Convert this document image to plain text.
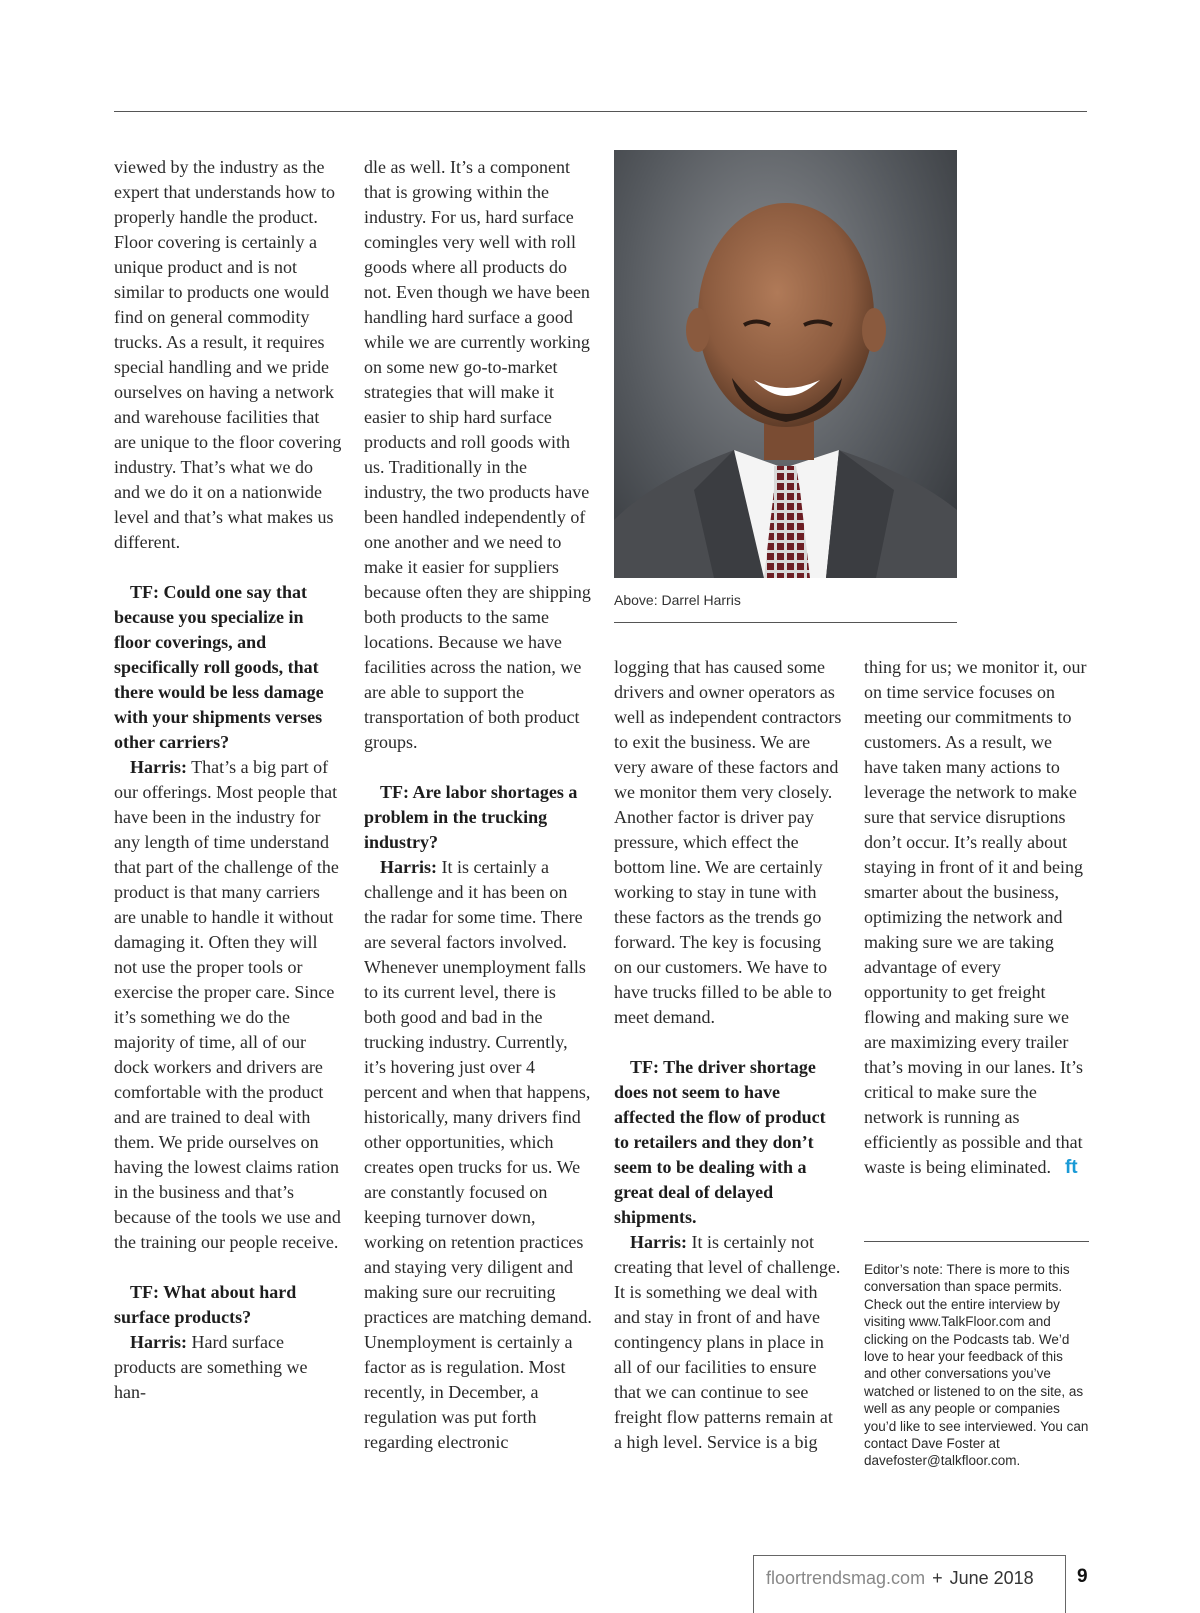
viewed by the industry as the expert that understands how to properly handle the product. Floor covering is certainly a unique product and is not similar to products one would find on general commodity trucks. As a result, it requires special handling and we pride ourselves on having a network and warehouse facilities that are unique to the floor covering industry. That’s what we do and we do it on a nationwide level and that’s what makes us different.

TF: Could one say that because you specialize in floor coverings, and specifically roll goods, that there would be less damage with your shipments verses other carriers?

Harris: That’s a big part of our offerings. Most people that have been in the industry for any length of time understand that part of the challenge of the product is that many carriers are unable to handle it without damaging it. Often they will not use the proper tools or exercise the proper care. Since it’s something we do the majority of time, all of our dock workers and drivers are comfortable with the product and are trained to deal with them. We pride ourselves on having the lowest claims ration in the business and that’s because of the tools we use and the training our people receive.

TF: What about hard surface products?

Harris: Hard surface products are something we han-

dle as well. It’s a component that is growing within the industry. For us, hard surface comingles very well with roll goods where all products do not. Even though we have been handling hard surface a good while we are currently working on some new go-to-market strategies that will make it easier to ship hard surface products and roll goods with us. Traditionally in the industry, the two products have been handled independently of one another and we need to make it easier for suppliers because often they are shipping both products to the same locations. Because we have facilities across the nation, we are able to support the transportation of both product groups.

TF: Are labor shortages a problem in the trucking industry?

Harris: It is certainly a challenge and it has been on the radar for some time. There are several factors involved. Whenever unemployment falls to its current level, there is both good and bad in the trucking industry. Currently, it’s hovering just over 4 percent and when that happens, historically, many drivers find other opportunities, which creates open trucks for us. We are constantly focused on keeping turnover down, working on retention practices and staying very diligent and making sure our recruiting practices are matching demand. Unemployment is certainly a factor as is regulation. Most recently, in December, a regulation was put forth regarding electronic

Above: Darrel Harris

logging that has caused some drivers and owner operators as well as independent contractors to exit the business. We are very aware of these factors and we monitor them very closely. Another factor is driver pay pressure, which effect the bottom line. We are certainly working to stay in tune with these factors as the trends go forward. The key is focusing on our customers. We have to have trucks filled to be able to meet demand.

TF: The driver shortage does not seem to have affected the flow of product to retailers and they don’t seem to be dealing with a great deal of delayed shipments.

Harris: It is certainly not creating that level of challenge. It is something we deal with and stay in front of and have contingency plans in place in all of our facilities to ensure that we can continue to see freight flow patterns remain at a high level. Service is a big

thing for us; we monitor it, our on time service focuses on meeting our commitments to customers. As a result, we have taken many actions to leverage the network to make sure that service disruptions don’t occur. It’s really about staying in front of it and being smarter about the business, optimizing the network and making sure we are taking advantage of every opportunity to get freight flowing and making sure we are maximizing every trailer that’s moving in our lanes. It’s critical to make sure the network is running as efficiently as possible and that waste is being eliminated. ft

Editor’s note: There is more to this conversation than space permits. Check out the entire interview by visiting www.TalkFloor.com and clicking on the Podcasts tab. We’d love to hear your feedback of this and other conversations you’ve watched or listened to on the site, as well as any people or companies you’d like to see interviewed. You can contact Dave Foster at davefoster@talkfloor.com.
floortrendsmag.com + June 2018 9
